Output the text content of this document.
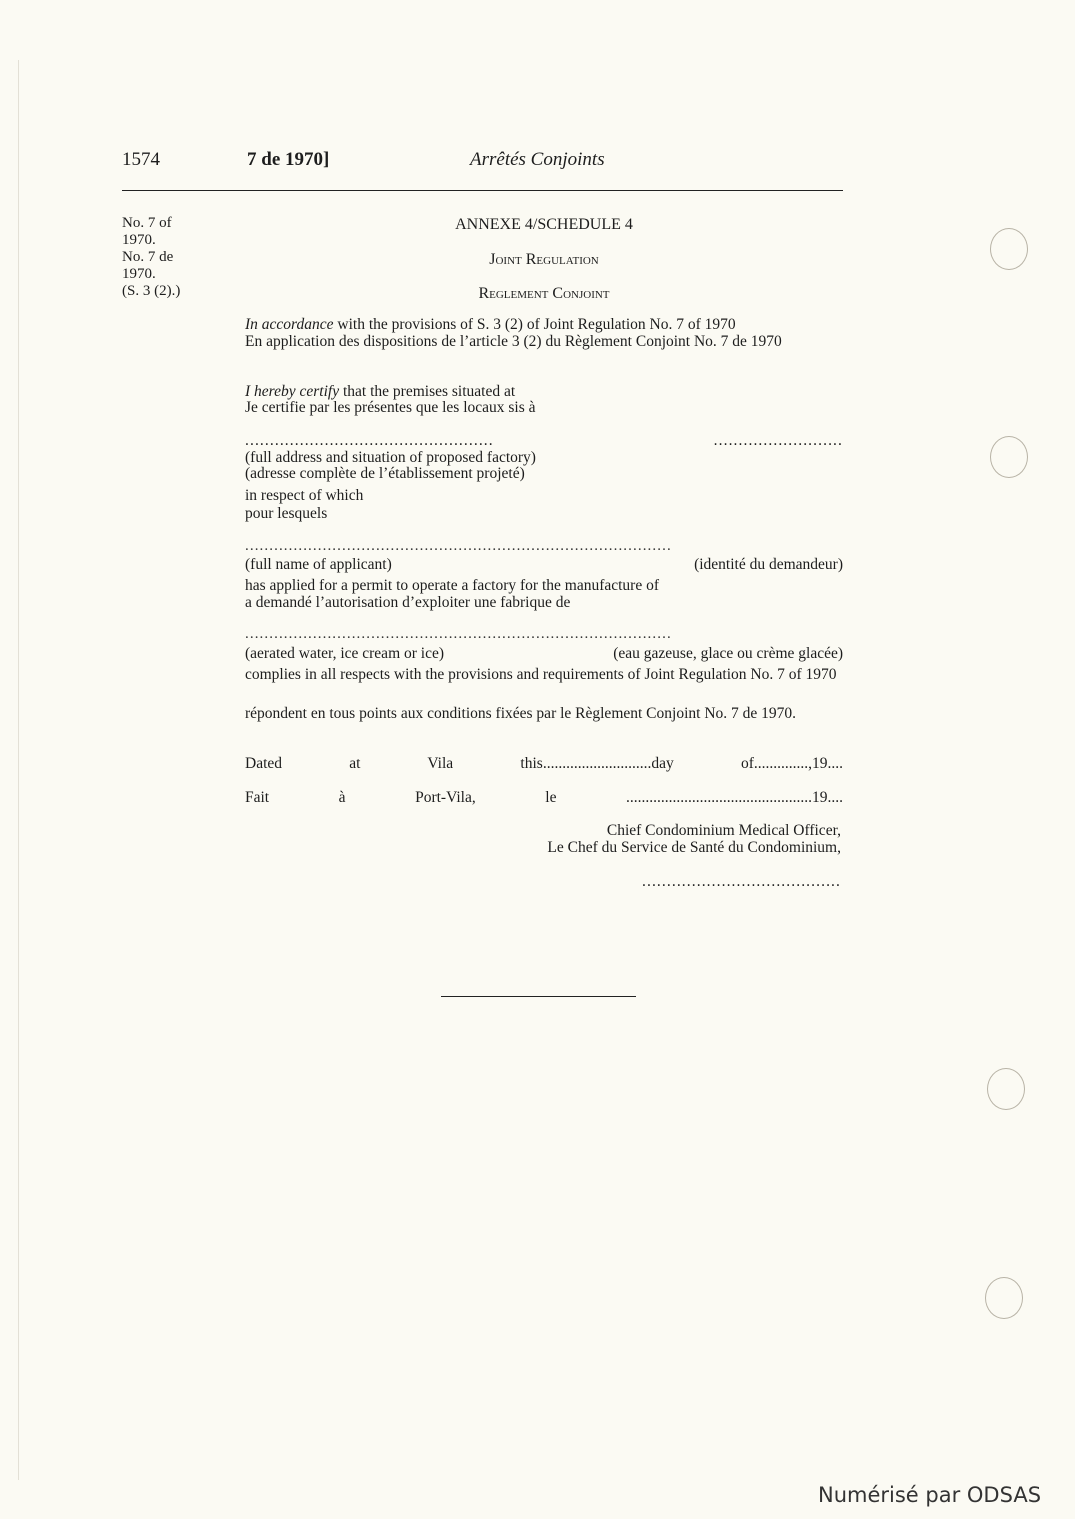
1574	7 de 1970]	Arrêtés Conjoints
No. 7 of
1970.
No. 7 de
1970.
(S. 3 (2).)
ANNEXE 4/SCHEDULE 4
Joint Regulation
Reglement Conjoint
In accordance with the provisions of S. 3 (2) of Joint Regulation No. 7 of 1970
En application des dispositions de l’article 3 (2) du Règlement Conjoint No. 7 de 1970
I hereby certify that the premises situated at
Je certifie par les présentes que les locaux sis à
..................................................	..........................
(full address and situation of proposed factory)
(adresse complète de l’établissement projeté)
in respect of which
pour lesquels
........................................................................................
(full name of applicant)	(identité du demandeur)
has applied for a permit to operate a factory for the manufacture of
a demandé l’autorisation d’exploiter une fabrique de
........................................................................................
(aerated water, ice cream or ice)	(eau gazeuse, glace ou crème glacée)
complies in all respects with the provisions and requirements of Joint Regulation No. 7 of 1970
répondent en tous points aux conditions fixées par le Règlement Conjoint No. 7 de 1970.
Dated at Vila this............................day of..............,19....
Fait à Port-Vila, le ................................................19....
Chief Condominium Medical Officer,
Le Chef du Service de Santé du Condominium,
........................................
Numérisé par ODSAS
